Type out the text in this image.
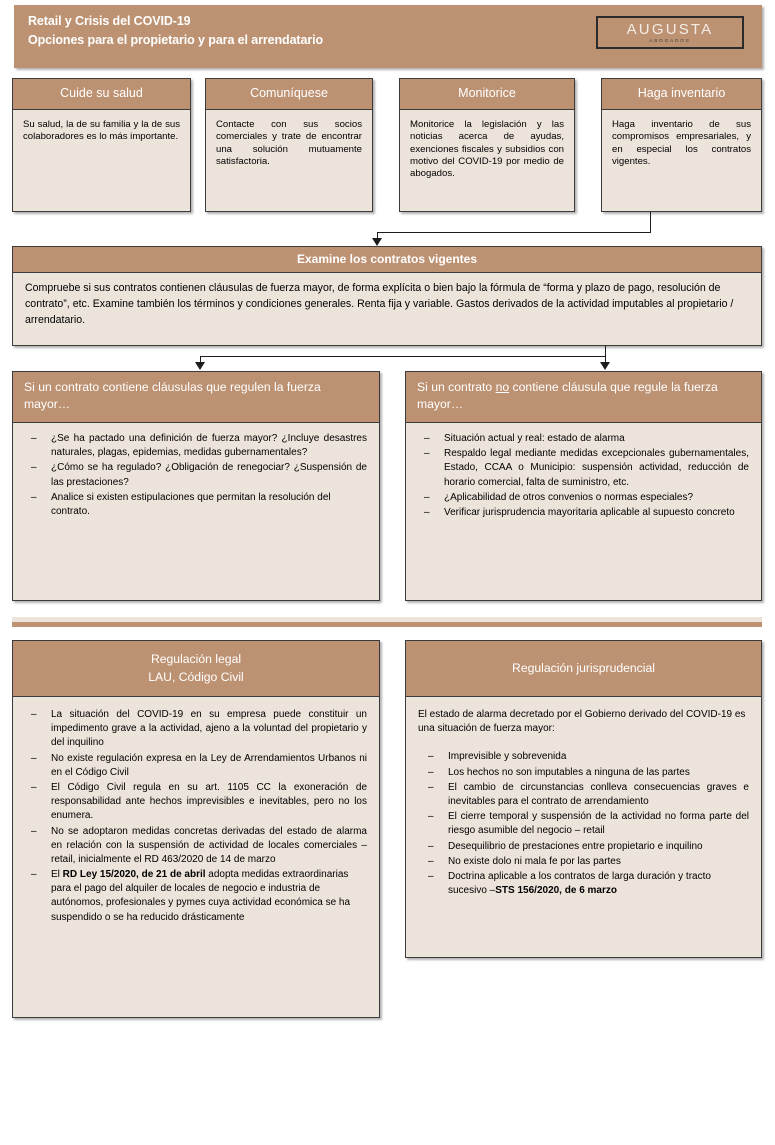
Retail y Crisis del COVID-19
Opciones para el propietario y para el arrendatario
AUGUSTA
ABOGADOS
Cuide su salud
Su salud, la de su familia y la de sus colaboradores es lo más importante.
Comuníquese
Contacte con sus socios comerciales y trate de encontrar una solución mutuamente satisfactoria.
Monitorice
Monitorice la legislación y las noticias acerca de ayudas, exenciones fiscales y subsidios con motivo del COVID-19 por medio de abogados.
Haga inventario
Haga inventario de sus compromisos empresariales, y en especial los contratos vigentes.
Examine los contratos vigentes
Compruebe si sus contratos contienen cláusulas de fuerza mayor, de forma explícita o bien bajo la fórmula de “forma y plazo de pago, resolución de contrato”, etc. Examine también los términos y condiciones generales. Renta fija y variable. Gastos derivados de la actividad imputables al propietario / arrendatario.
Si un contrato contiene cláusulas que regulen la fuerza mayor…
– ¿Se ha pactado una definición de fuerza mayor? ¿Incluye desastres naturales, plagas, epidemias, medidas gubernamentales?
– ¿Cómo se ha regulado? ¿Obligación de renegociar? ¿Suspensión de las prestaciones?
– Analice si existen estipulaciones que permitan la resolución del contrato.
Si un contrato no contiene cláusula que regule la fuerza mayor…
– Situación actual y real: estado de alarma
– Respaldo legal mediante medidas excepcionales gubernamentales, Estado, CCAA o Municipio: suspensión actividad, reducción de horario comercial, falta de suministro, etc.
– ¿Aplicabilidad de otros convenios o normas especiales?
– Verificar jurisprudencia mayoritaria aplicable al supuesto concreto
Regulación legal
LAU, Código Civil
– La situación del COVID-19 en su empresa puede constituir un impedimento grave a la actividad, ajeno a la voluntad del propietario y del inquilino
– No existe regulación expresa en la Ley de Arrendamientos Urbanos ni en el Código Civil
– El Código Civil regula en su art. 1105 CC la exoneración de responsabilidad ante hechos imprevisibles e inevitables, pero no los enumera.
– No se adoptaron medidas concretas derivadas del estado de alarma en relación con la suspensión de actividad de locales comerciales – retail, inicialmente el RD 463/2020 de 14 de marzo
– El RD Ley 15/2020, de 21 de abril adopta medidas extraordinarias para el pago del alquiler de locales de negocio e industria de autónomos, profesionales y pymes cuya actividad económica se ha suspendido o se ha reducido drásticamente
Regulación jurisprudencial
El estado de alarma decretado por el Gobierno derivado del COVID-19 es una situación de fuerza mayor:
– Imprevisible y sobrevenida
– Los hechos no son imputables a ninguna de las partes
– El cambio de circunstancias conlleva consecuencias graves e inevitables para el contrato de arrendamiento
– El cierre temporal y suspensión de la actividad no forma parte del riesgo asumible del negocio – retail
– Desequilibrio de prestaciones entre propietario e inquilino
– No existe dolo ni mala fe por las partes
– Doctrina aplicable a los contratos de larga duración y tracto sucesivo –STS 156/2020, de 6 marzo
